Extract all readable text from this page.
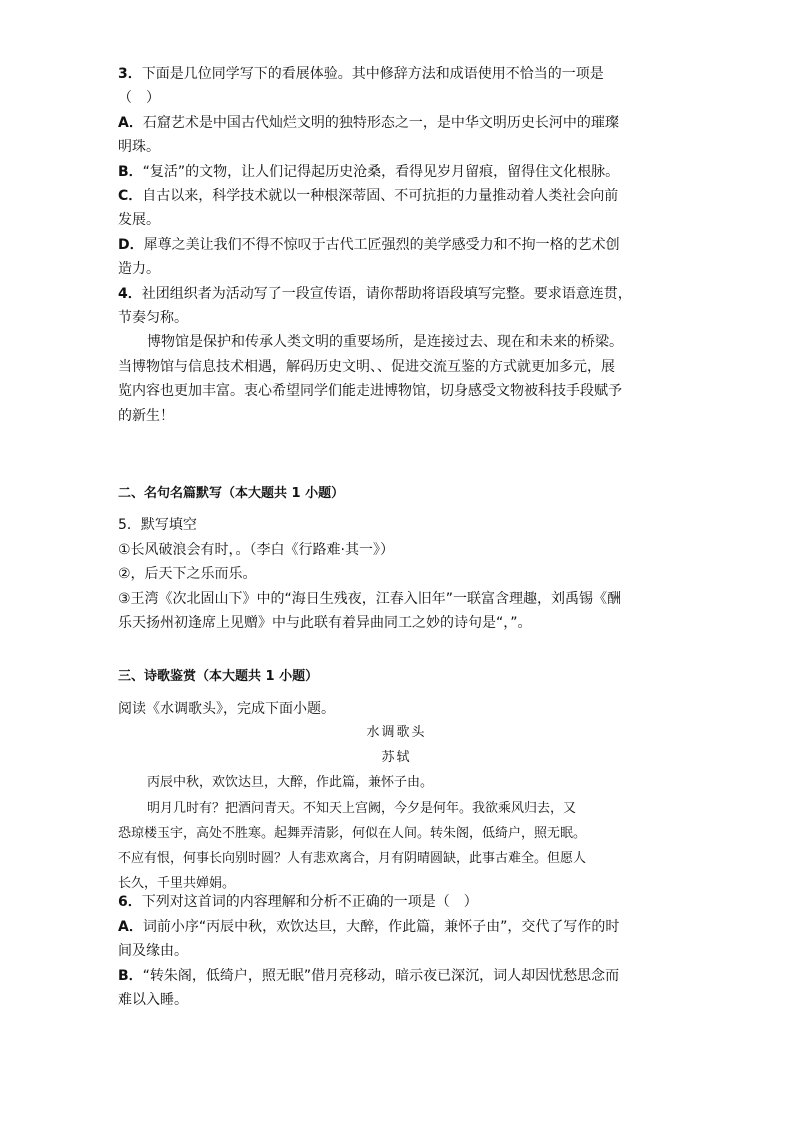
3．下面是几位同学写下的看展体验。其中修辞方法和成语使用不恰当的一项是
（　）
A．石窟艺术是中国古代灿烂文明的独特形态之一，是中华文明历史长河中的璀璨
明珠。
B．“复活”的文物，让人们记得起历史沧桑，看得见岁月留痕，留得住文化根脉。
C．自古以来，科学技术就以一种根深蒂固、不可抗拒的力量推动着人类社会向前
发展。
D．犀尊之美让我们不得不惊叹于古代工匠强烈的美学感受力和不拘一格的艺术创
造力。
4．社团组织者为活动写了一段宣传语，请你帮助将语段填写完整。要求语意连贯，
节奏匀称。
博物馆是保护和传承人类文明的重要场所，是连接过去、现在和未来的桥梁。
当博物馆与信息技术相遇，解码历史文明、、促进交流互鉴的方式就更加多元，展
览内容也更加丰富。衷心希望同学们能走进博物馆，切身感受文物被科技手段赋予
的新生！
二、名句名篇默写（本大题共 1 小题）
5．默写填空
①长风破浪会有时，。（李白《行路难·其一》）
②，后天下之乐而乐。
③王湾《次北固山下》中的“海日生残夜，江春入旧年”一联富含理趣，刘禹锡《酬
乐天扬州初逢席上见赠》中与此联有着异曲同工之妙的诗句是“，”。
三、诗歌鉴赏（本大题共 1 小题）
阅读《水调歌头》，完成下面小题。
水调歌头
苏轼
丙辰中秋，欢饮达旦，大醉，作此篇，兼怀子由。
明月几时有？把酒问青天。不知天上宫阙，今夕是何年。我欲乘风归去，又
恐琼楼玉宇，高处不胜寒。起舞弄清影，何似在人间。转朱阁，低绮户，照无眠。
不应有恨，何事长向别时圆？人有悲欢离合，月有阴晴圆缺，此事古难全。但愿人
长久，千里共婵娟。
6．下列对这首词的内容理解和分析不正确的一项是（　）
A．词前小序“丙辰中秋，欢饮达旦，大醉，作此篇，兼怀子由”，交代了写作的时
间及缘由。
B．“转朱阁，低绮户，照无眠”借月亮移动，暗示夜已深沉，词人却因忧愁思念而
难以入睡。
